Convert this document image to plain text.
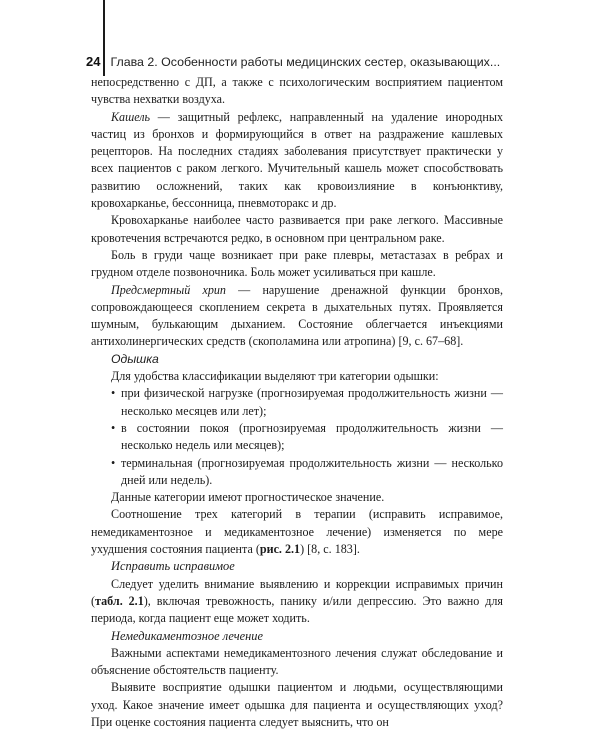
24 Глава 2. Особенности работы медицинских сестер, оказывающих...

непосредственно с ДП, а также с психологическим восприятием пациентом чувства нехватки воздуха.

Кашель — защитный рефлекс, направленный на удаление инородных частиц из бронхов и формирующийся в ответ на раздражение кашлевых рецепторов. На последних стадиях заболевания присутствует практически у всех пациентов с раком легкого. Мучительный кашель может способствовать развитию осложнений, таких как кровоизлияние в конъюнктиву, кровохарканье, бессонница, пневмоторакс и др.

Кровохарканье наиболее часто развивается при раке легкого. Массивные кровотечения встречаются редко, в основном при центральном раке.

Боль в груди чаще возникает при раке плевры, метастазах в ребрах и грудном отделе позвоночника. Боль может усиливаться при кашле.

Предсмертный хрип — нарушение дренажной функции бронхов, сопровождающееся скоплением секрета в дыхательных путях. Проявляется шумным, булькающим дыханием. Состояние облегчается инъекциями антихолинергических средств (скополамина или атропина) [9, с. 67–68].

Одышка

Для удобства классификации выделяют три категории одышки:

• при физической нагрузке (прогнозируемая продолжительность жизни — несколько месяцев или лет);
• в состоянии покоя (прогнозируемая продолжительность жизни — несколько недель или месяцев);
• терминальная (прогнозируемая продолжительность жизни — несколько дней или недель).

Данные категории имеют прогностическое значение.

Соотношение трех категорий в терапии (исправить исправимое, немедикаментозное и медикаментозное лечение) изменяется по мере ухудшения состояния пациента (рис. 2.1) [8, с. 183].

Исправить исправимое

Следует уделить внимание выявлению и коррекции исправимых причин (табл. 2.1), включая тревожность, панику и/или депрессию. Это важно для периода, когда пациент еще может ходить.

Немедикаментозное лечение

Важными аспектами немедикаментозного лечения служат обследование и объяснение обстоятельств пациенту.

Выявите восприятие одышки пациентом и людьми, осуществляющими уход. Какое значение имеет одышка для пациента и осуществляющих уход? При оценке состояния пациента следует выяснить, что он
